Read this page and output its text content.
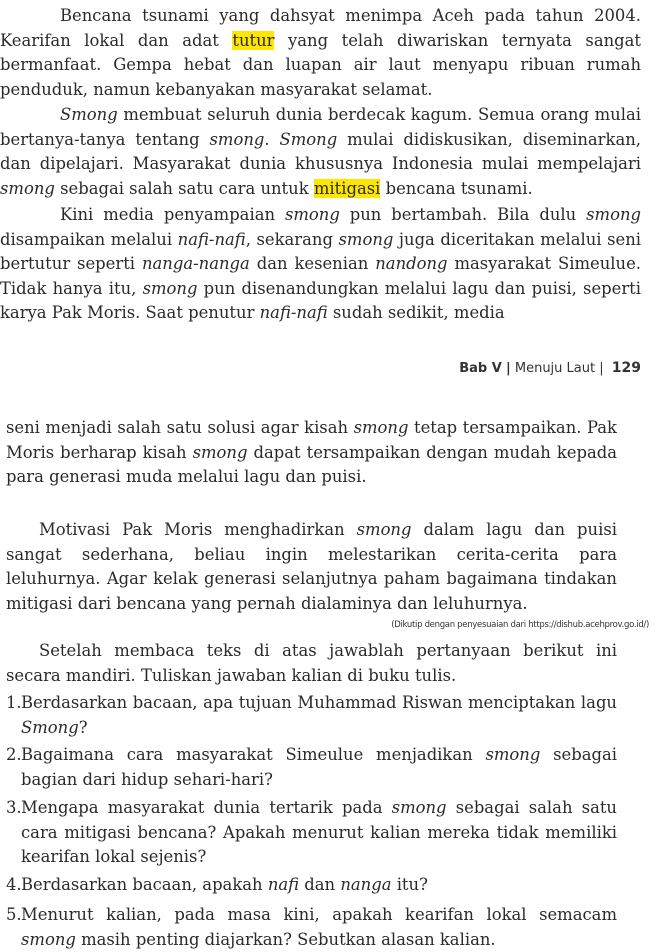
Bencana tsunami yang dahsyat menimpa Aceh pada tahun 2004. Kearifan lokal dan adat tutur yang telah diwariskan ternyata sangat bermanfaat. Gempa hebat dan luapan air laut menyapu ribuan rumah penduduk, namun kebanyakan masyarakat selamat.

Smong membuat seluruh dunia berdecak kagum. Semua orang mulai bertanya-tanya tentang smong. Smong mulai didiskusikan, diseminarkan, dan dipelajari. Masyarakat dunia khususnya Indonesia mulai mempelajari smong sebagai salah satu cara untuk mitigasi bencana tsunami.

Kini media penyampaian smong pun bertambah. Bila dulu smong disampaikan melalui nafi-nafi, sekarang smong juga diceritakan melalui seni bertutur seperti nanga-nanga dan kesenian nandong masyarakat Simeulue. Tidak hanya itu, smong pun disenandungkan melalui lagu dan puisi, seperti karya Pak Moris. Saat penutur nafi-nafi sudah sedikit, media

Bab V | Menuju Laut | 129

seni menjadi salah satu solusi agar kisah smong tetap tersampaikan. Pak Moris berharap kisah smong dapat tersampaikan dengan mudah kepada para generasi muda melalui lagu dan puisi.

Motivasi Pak Moris menghadirkan smong dalam lagu dan puisi sangat sederhana, beliau ingin melestarikan cerita-cerita para leluhurnya. Agar kelak generasi selanjutnya paham bagaimana tindakan mitigasi dari bencana yang pernah dialaminya dan leluhurnya.

(Dikutip dengan penyesuaian dari https://dishub.acehprov.go.id/)

Setelah membaca teks di atas jawablah pertanyaan berikut ini secara mandiri. Tuliskan jawaban kalian di buku tulis.

1. Berdasarkan bacaan, apa tujuan Muhammad Riswan menciptakan lagu Smong?
2. Bagaimana cara masyarakat Simeulue menjadikan smong sebagai bagian dari hidup sehari-hari?
3. Mengapa masyarakat dunia tertarik pada smong sebagai salah satu cara mitigasi bencana? Apakah menurut kalian mereka tidak memiliki kearifan lokal sejenis?
4. Berdasarkan bacaan, apakah nafi dan nanga itu?
5. Menurut kalian, pada masa kini, apakah kearifan lokal semacam smong masih penting diajarkan? Sebutkan alasan kalian.
